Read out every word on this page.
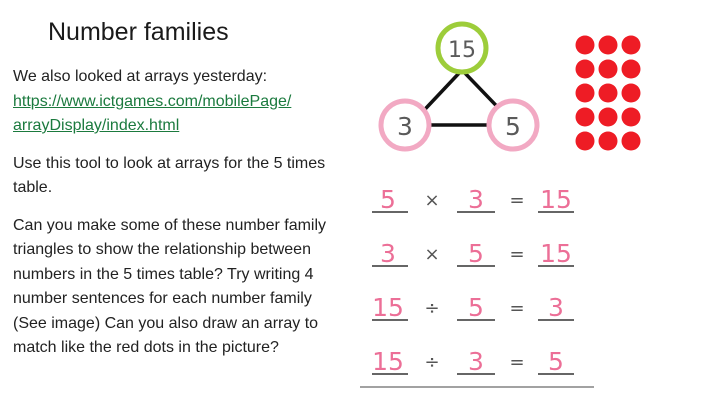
Number families

We also looked at arrays yesterday:
https://www.ictgames.com/mobilePage/
arrayDisplay/index.html

Use this tool to look at arrays for the 5 times table.

Can you make some of these number family triangles to show the relationship between numbers in the 5 times table? Try writing 4 number sentences for each number family (See image) Can you also draw an array to match like the red dots in the picture?

15
3	5
5 × 3 = 15
3 × 5 = 15
15 ÷ 5 = 3
15 ÷ 3 = 5
